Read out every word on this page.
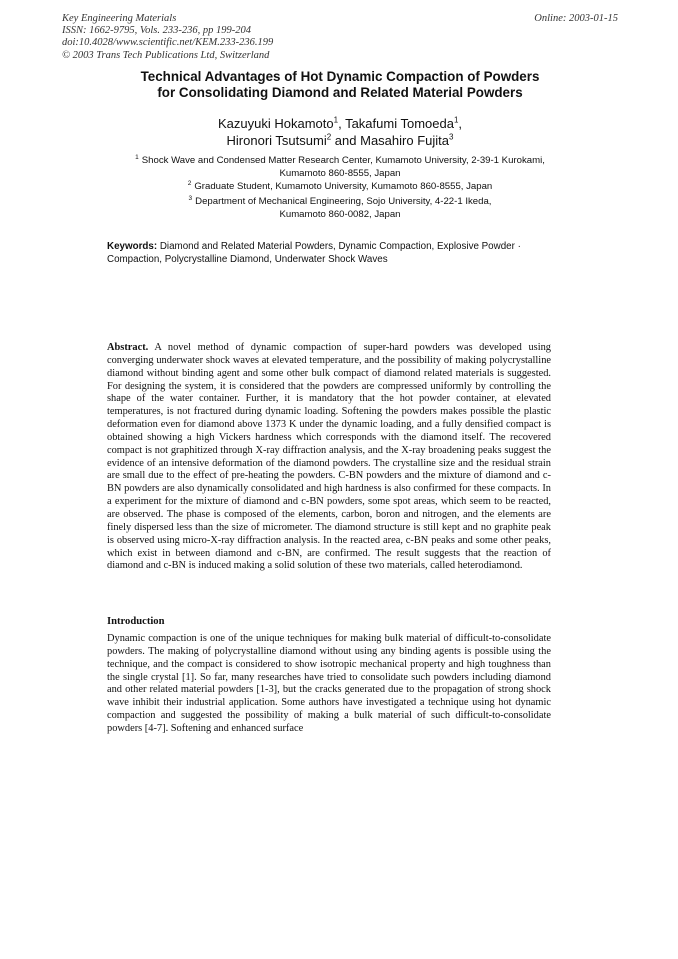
Key Engineering Materials
ISSN: 1662-9795, Vols. 233-236, pp 199-204
doi:10.4028/www.scientific.net/KEM.233-236.199
© 2003 Trans Tech Publications Ltd, Switzerland
Online: 2003-01-15
Technical Advantages of Hot Dynamic Compaction of Powders
for Consolidating Diamond and Related Material Powders
Kazuyuki Hokamoto$^1$, Takafumi Tomoeda$^1$,
Hironori Tsutsumi$^2$ and Masahiro Fujita$^3$
$^1$ Shock Wave and Condensed Matter Research Center, Kumamoto University, 2-39-1 Kurokami,
Kumamoto 860-8555, Japan
$^2$ Graduate Student, Kumamoto University, Kumamoto 860-8555, Japan
$^3$ Department of Mechanical Engineering, Sojo University, 4-22-1 Ikeda,
Kumamoto 860-0082, Japan
Keywords: Diamond and Related Material Powders, Dynamic Compaction, Explosive Powder · Compaction, Polycrystalline Diamond, Underwater Shock Waves
Abstract. A novel method of dynamic compaction of super-hard powders was developed using converging underwater shock waves at elevated temperature, and the possibility of making polycrystalline diamond without binding agent and some other bulk compact of diamond related materials is suggested. For designing the system, it is considered that the powders are compressed uniformly by controlling the shape of the water container. Further, it is mandatory that the hot powder container, at elevated temperatures, is not fractured during dynamic loading. Softening the powders makes possible the plastic deformation even for diamond above 1373 K under the dynamic loading, and a fully densified compact is obtained showing a high Vickers hardness which corresponds with the diamond itself. The recovered compact is not graphitized through X-ray diffraction analysis, and the X-ray broadening peaks suggest the evidence of an intensive deformation of the diamond powders. The crystalline size and the residual strain are small due to the effect of pre-heating the powders. C-BN powders and the mixture of diamond and c-BN powders are also dynamically consolidated and high hardness is also confirmed for these compacts. In a experiment for the mixture of diamond and c-BN powders, some spot areas, which seem to be reacted, are observed. The phase is composed of the elements, carbon, boron and nitrogen, and the elements are finely dispersed less than the size of micrometer. The diamond structure is still kept and no graphite peak is observed using micro-X-ray diffraction analysis. In the reacted area, c-BN peaks and some other peaks, which exist in between diamond and c-BN, are confirmed. The result suggests that the reaction of diamond and c-BN is induced making a solid solution of these two materials, called heterodiamond.
Introduction
Dynamic compaction is one of the unique techniques for making bulk material of difficult-to-consolidate powders. The making of polycrystalline diamond without using any binding agents is possible using the technique, and the compact is considered to show isotropic mechanical property and high toughness than the single crystal [1]. So far, many researches have tried to consolidate such powders including diamond and other related material powders [1-3], but the cracks generated due to the propagation of strong shock wave inhibit their industrial application. Some authors have investigated a technique using hot dynamic compaction and suggested the possibility of making a bulk material of such difficult-to-consolidate powders [4-7]. Softening and enhanced surface
